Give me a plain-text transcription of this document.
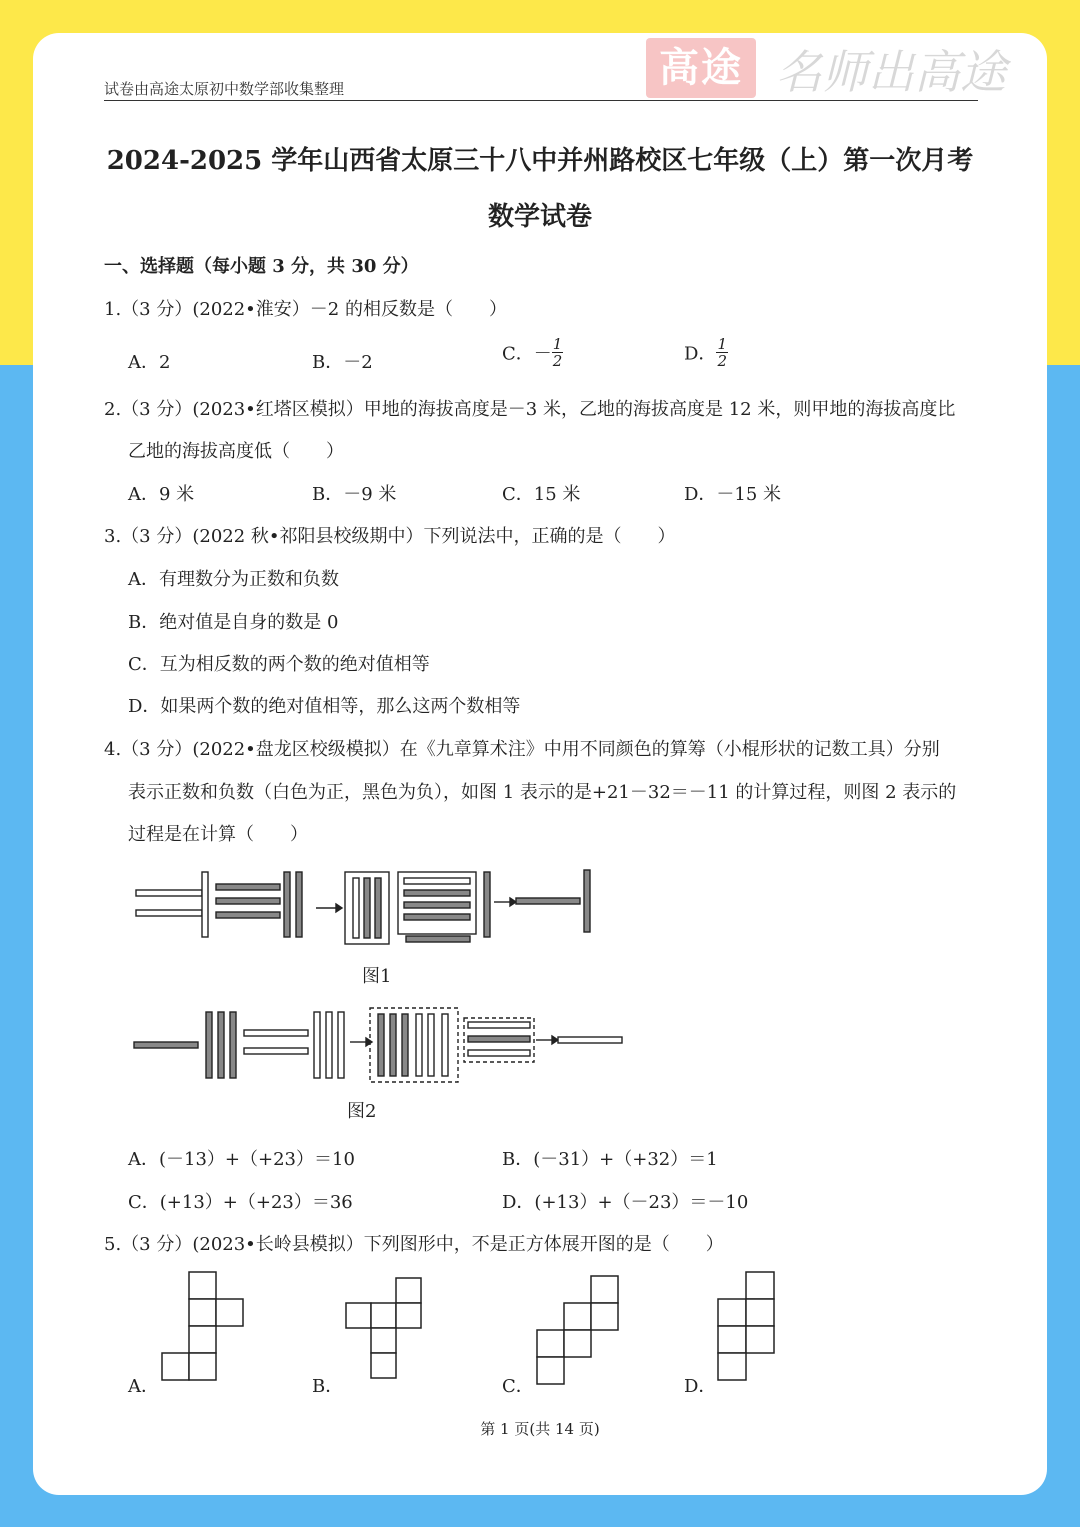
试卷由高途太原初中数学部收集整理	高途 名师出高途
2024-2025 学年山西省太原三十八中并州路校区七年级（上）第一次月考
数学试卷
一、选择题（每小题 3 分，共 30 分）
1.（3 分）(2022•淮安）－2 的相反数是（　　）
A．2	B．－2	C．－ $\frac{1}{2}$	D． $\frac{1}{2}$
2.（3 分）(2023•红塔区模拟）甲地的海拔高度是－3 米，乙地的海拔高度是 12 米，则甲地的海拔高度比
乙地的海拔高度低（　　）
A．9 米	B．－9 米	C．15 米	D．－15 米
3.（3 分）(2022 秋•祁阳县校级期中）下列说法中，正确的是（　　）
A．有理数分为正数和负数
B．绝对值是自身的数是 0
C．互为相反数的两个数的绝对值相等
D．如果两个数的绝对值相等，那么这两个数相等
4.（3 分）(2022•盘龙区校级模拟）在《九章算术注》中用不同颜色的算筹（小棍形状的记数工具）分别
表示正数和负数（白色为正，黑色为负），如图 1 表示的是+21－32＝－11 的计算过程，则图 2 表示的
过程是在计算（　　）
图1
图2
A．(－13）+（+23）＝10	B．(－31）+（+32）＝1
C．(+13）+（+23）＝36	D．(+13）+（－23）＝－10
5.（3 分）(2023•长岭县模拟）下列图形中，不是正方体展开图的是（　　）
A．	B．	C．	D．
第 1 页(共 14 页)
